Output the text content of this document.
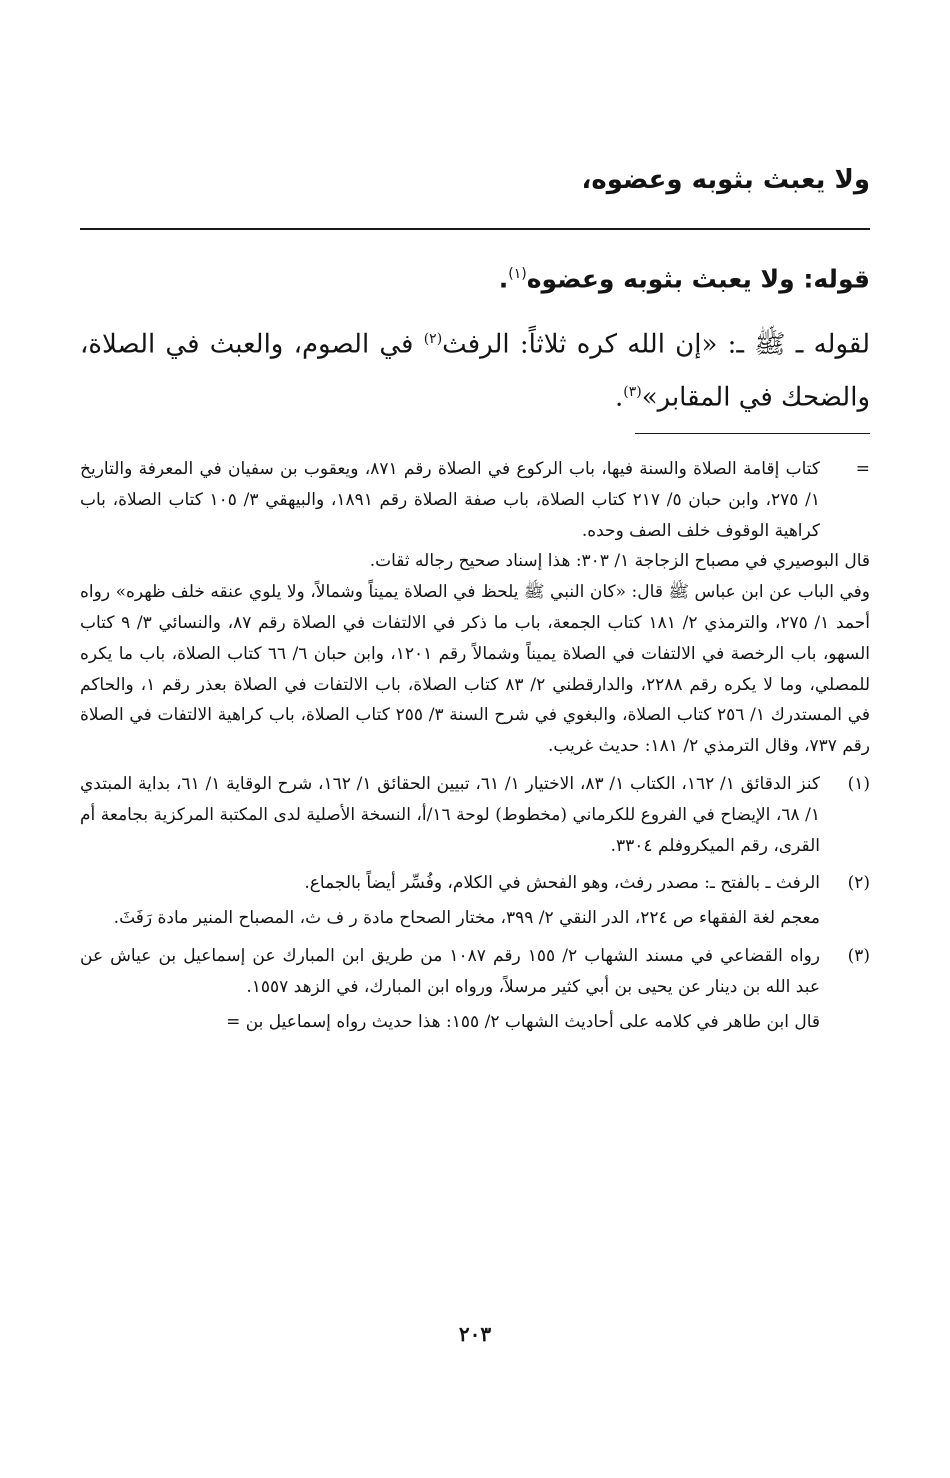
ولا يعبث بثوبه وعضوه،
قوله: ولا يعبث بثوبه وعضوه$^{(١)}$.
لقوله ـ ﷺ ـ: «إن الله كره ثلاثاً: الرفث$^{(٢)}$ في الصوم، والعبث في الصلاة، والضحك في المقابر»$^{(٣)}$.
=

كتاب إقامة الصلاة والسنة فيها، باب الركوع في الصلاة رقم ٨٧١، ويعقوب بن سفيان في المعرفة والتاريخ ١/ ٢٧٥، وابن حبان ٥/ ٢١٧ كتاب الصلاة، باب صفة الصلاة رقم ١٨٩١، والبيهقي ٣/ ١٠٥ كتاب الصلاة، باب كراهية الوقوف خلف الصف وحده.

قال البوصيري في مصباح الزجاجة ١/ ٣٠٣: هذا إسناد صحيح رجاله ثقات.

وفي الباب عن ابن عباس ﷺ قال: «كان النبي ﷺ يلحظ في الصلاة يميناً وشمالاً، ولا يلوي عنقه خلف ظهره» رواه أحمد ١/ ٢٧٥، والترمذي ٢/ ١٨١ كتاب الجمعة، باب ما ذكر في الالتفات في الصلاة رقم ٨٧، والنسائي ٣/ ٩ كتاب السهو، باب الرخصة في الالتفات في الصلاة يميناً وشمالاً رقم ١٢٠١، وابن حبان ٦/ ٦٦ كتاب الصلاة، باب ما يكره للمصلي، وما لا يكره رقم ٢٢٨٨، والدارقطني ٢/ ٨٣ كتاب الصلاة، باب الالتفات في الصلاة بعذر رقم ١، والحاكم في المستدرك ١/ ٢٥٦ كتاب الصلاة، والبغوي في شرح السنة ٣/ ٢٥٥ كتاب الصلاة، باب كراهية الالتفات في الصلاة رقم ٧٣٧، وقال الترمذي ٢/ ١٨١: حديث غريب.

(١)

كنز الدقائق ١/ ١٦٢، الكتاب ١/ ٨٣، الاختيار ١/ ٦١، تبيين الحقائق ١/ ١٦٢، شرح الوقاية ١/ ٦١، بداية المبتدي ١/ ٦٨، الإيضاح في الفروع للكرماني (مخطوط) لوحة ١٦/أ، النسخة الأصلية لدى المكتبة المركزية بجامعة أم القرى، رقم الميكروفلم ٣٣٠٤.

(٢)

الرفث ـ بالفتح ـ: مصدر رفث، وهو الفحش في الكلام، وفُسِّر أيضاً بالجماع.

معجم لغة الفقهاء ص ٢٢٤، الدر النقي ٢/ ٣٩٩، مختار الصحاح مادة ر ف ث، المصباح المنير مادة رَفَثَ.

(٣)

رواه القضاعي في مسند الشهاب ٢/ ١٥٥ رقم ١٠٨٧ من طريق ابن المبارك عن إسماعيل بن عياش عن عبد الله بن دينار عن يحيى بن أبي كثير مرسلاً، ورواه ابن المبارك، في الزهد ١٥٥٧.

قال ابن طاهر في كلامه على أحاديث الشهاب ٢/ ١٥٥: هذا حديث رواه إسماعيل بن =

٢٠٣
